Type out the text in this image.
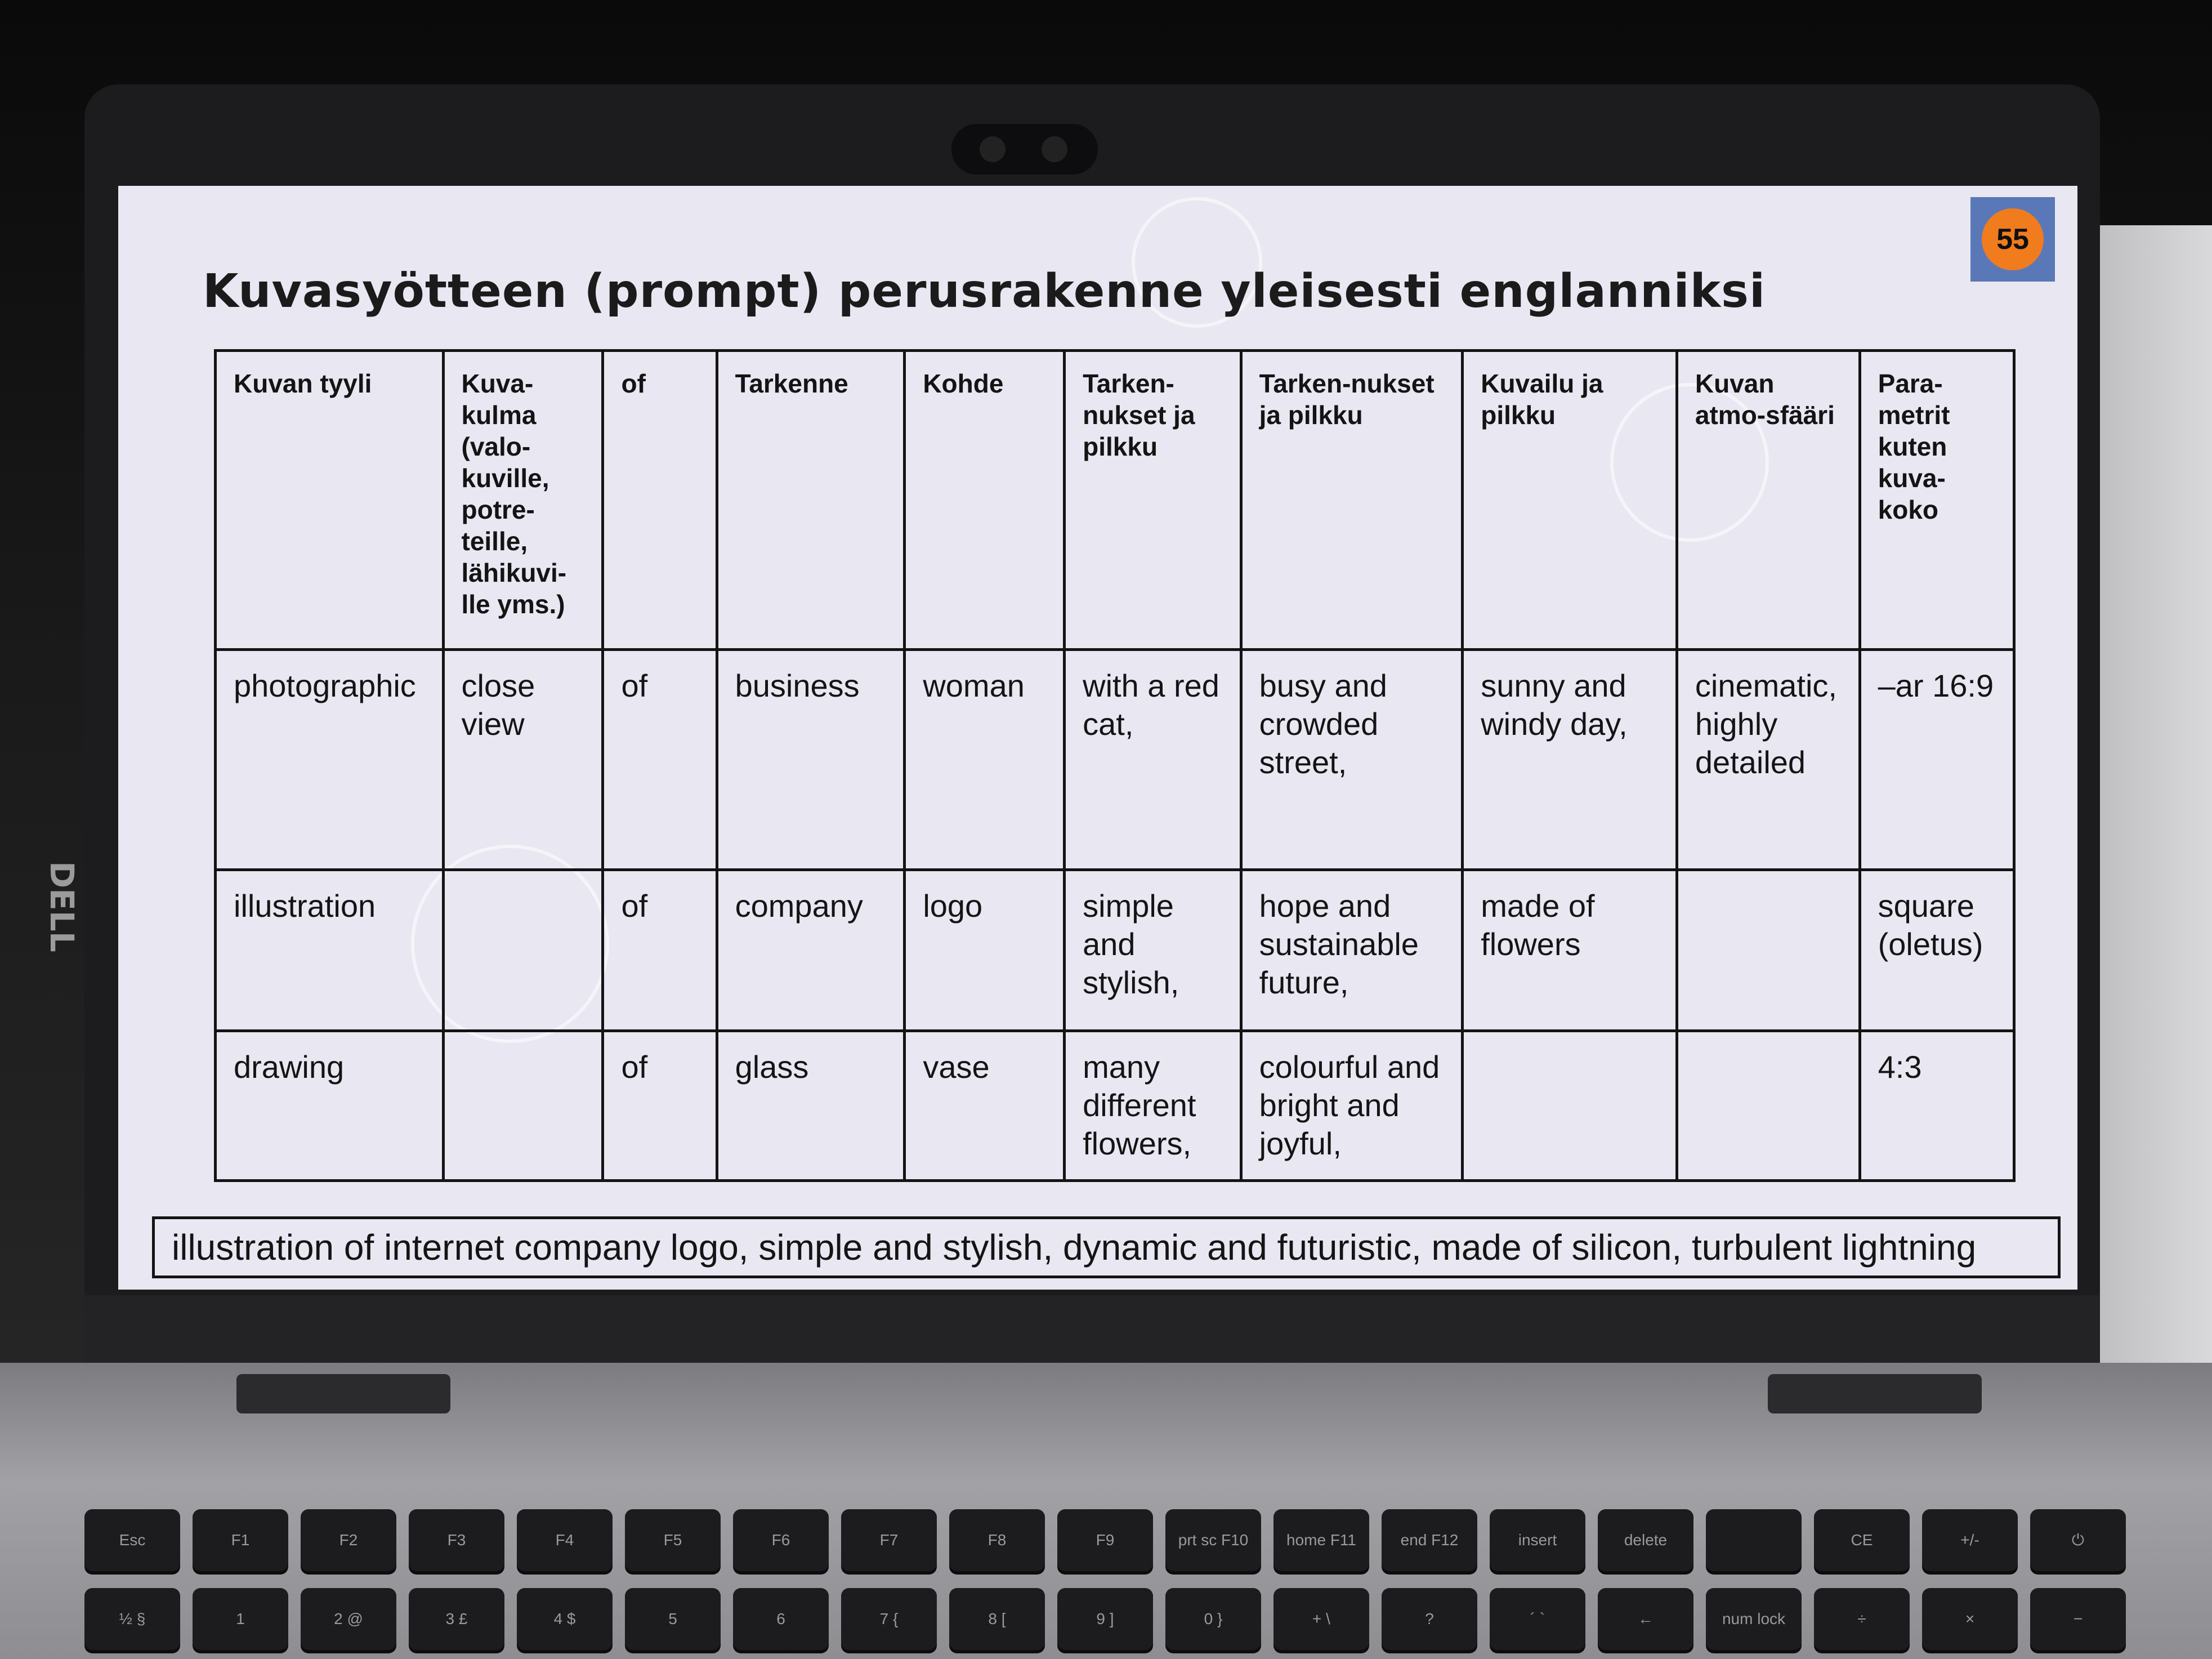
DELL
55
Kuvasyötteen (prompt) perusrakenne yleisesti englanniksi
Kuvan tyyli	Kuva-kulma (valo-kuville, potre-teille, lähikuvi-lle yms.)	of	Tarkenne	Kohde	Tarken-nukset ja pilkku	Tarken-nukset ja pilkku	Kuvailu ja pilkku	Kuvan atmo-sfääri	Para-metrit kuten kuva-koko
photographic	close view	of	business	woman	with a red cat,	busy and crowded street,	sunny and windy day,	cinematic, highly detailed	–ar 16:9
illustration		of	company	logo	simple and stylish,	hope and sustainable future,	made of flowers		square (oletus)
drawing		of	glass	vase	many different flowers,	colourful and bright and joyful,			4:3
illustration of internet company logo, simple and stylish, dynamic and futuristic, made of silicon, turbulent lightning
Esc	F1	F2	F3	F4	F5	F6	F7	F8	F9	prt sc F10	home F11	end F12	insert	delete	CE	+/-	⏻
½ §	1	2 @	3 £	4 $	5	6	7 {	8 [	9 ]	0 }	+ \	?	´ `	←	num lock	÷	×	−
